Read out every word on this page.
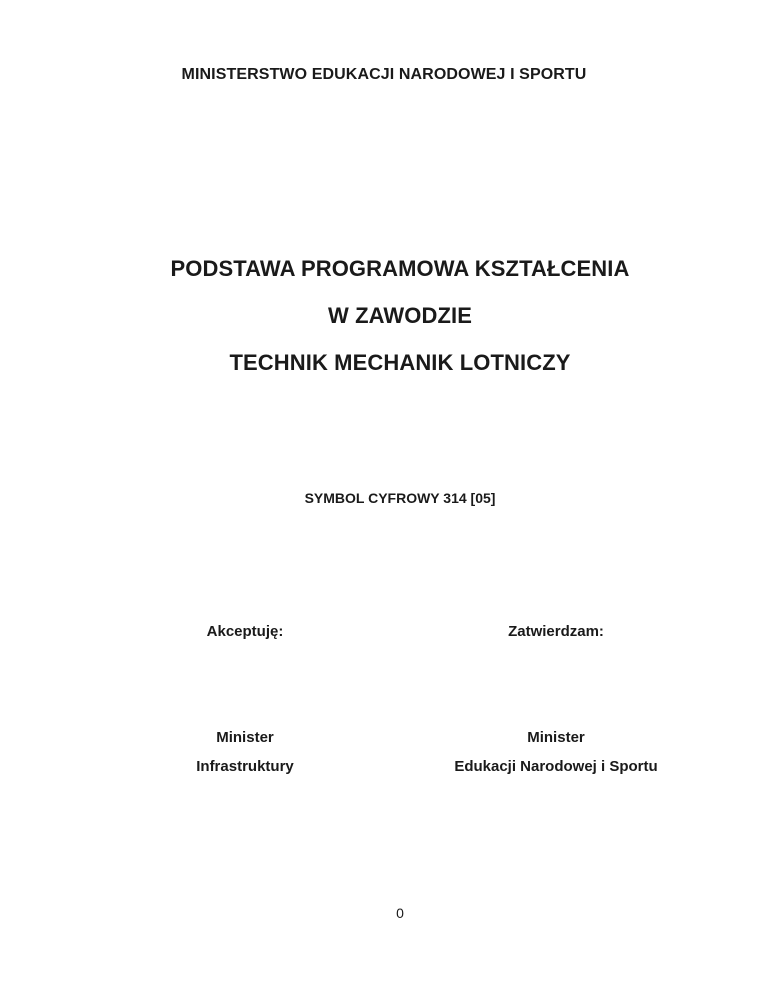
MINISTERSTWO EDUKACJI NARODOWEJ I SPORTU
PODSTAWA PROGRAMOWA KSZTAŁCENIA
W ZAWODZIE
TECHNIK MECHANIK LOTNICZY
SYMBOL CYFROWY 314 [05]
Akceptuję:	Zatwierdzam:
Minister
Infrastruktury
Minister
Edukacji Narodowej i Sportu
0
